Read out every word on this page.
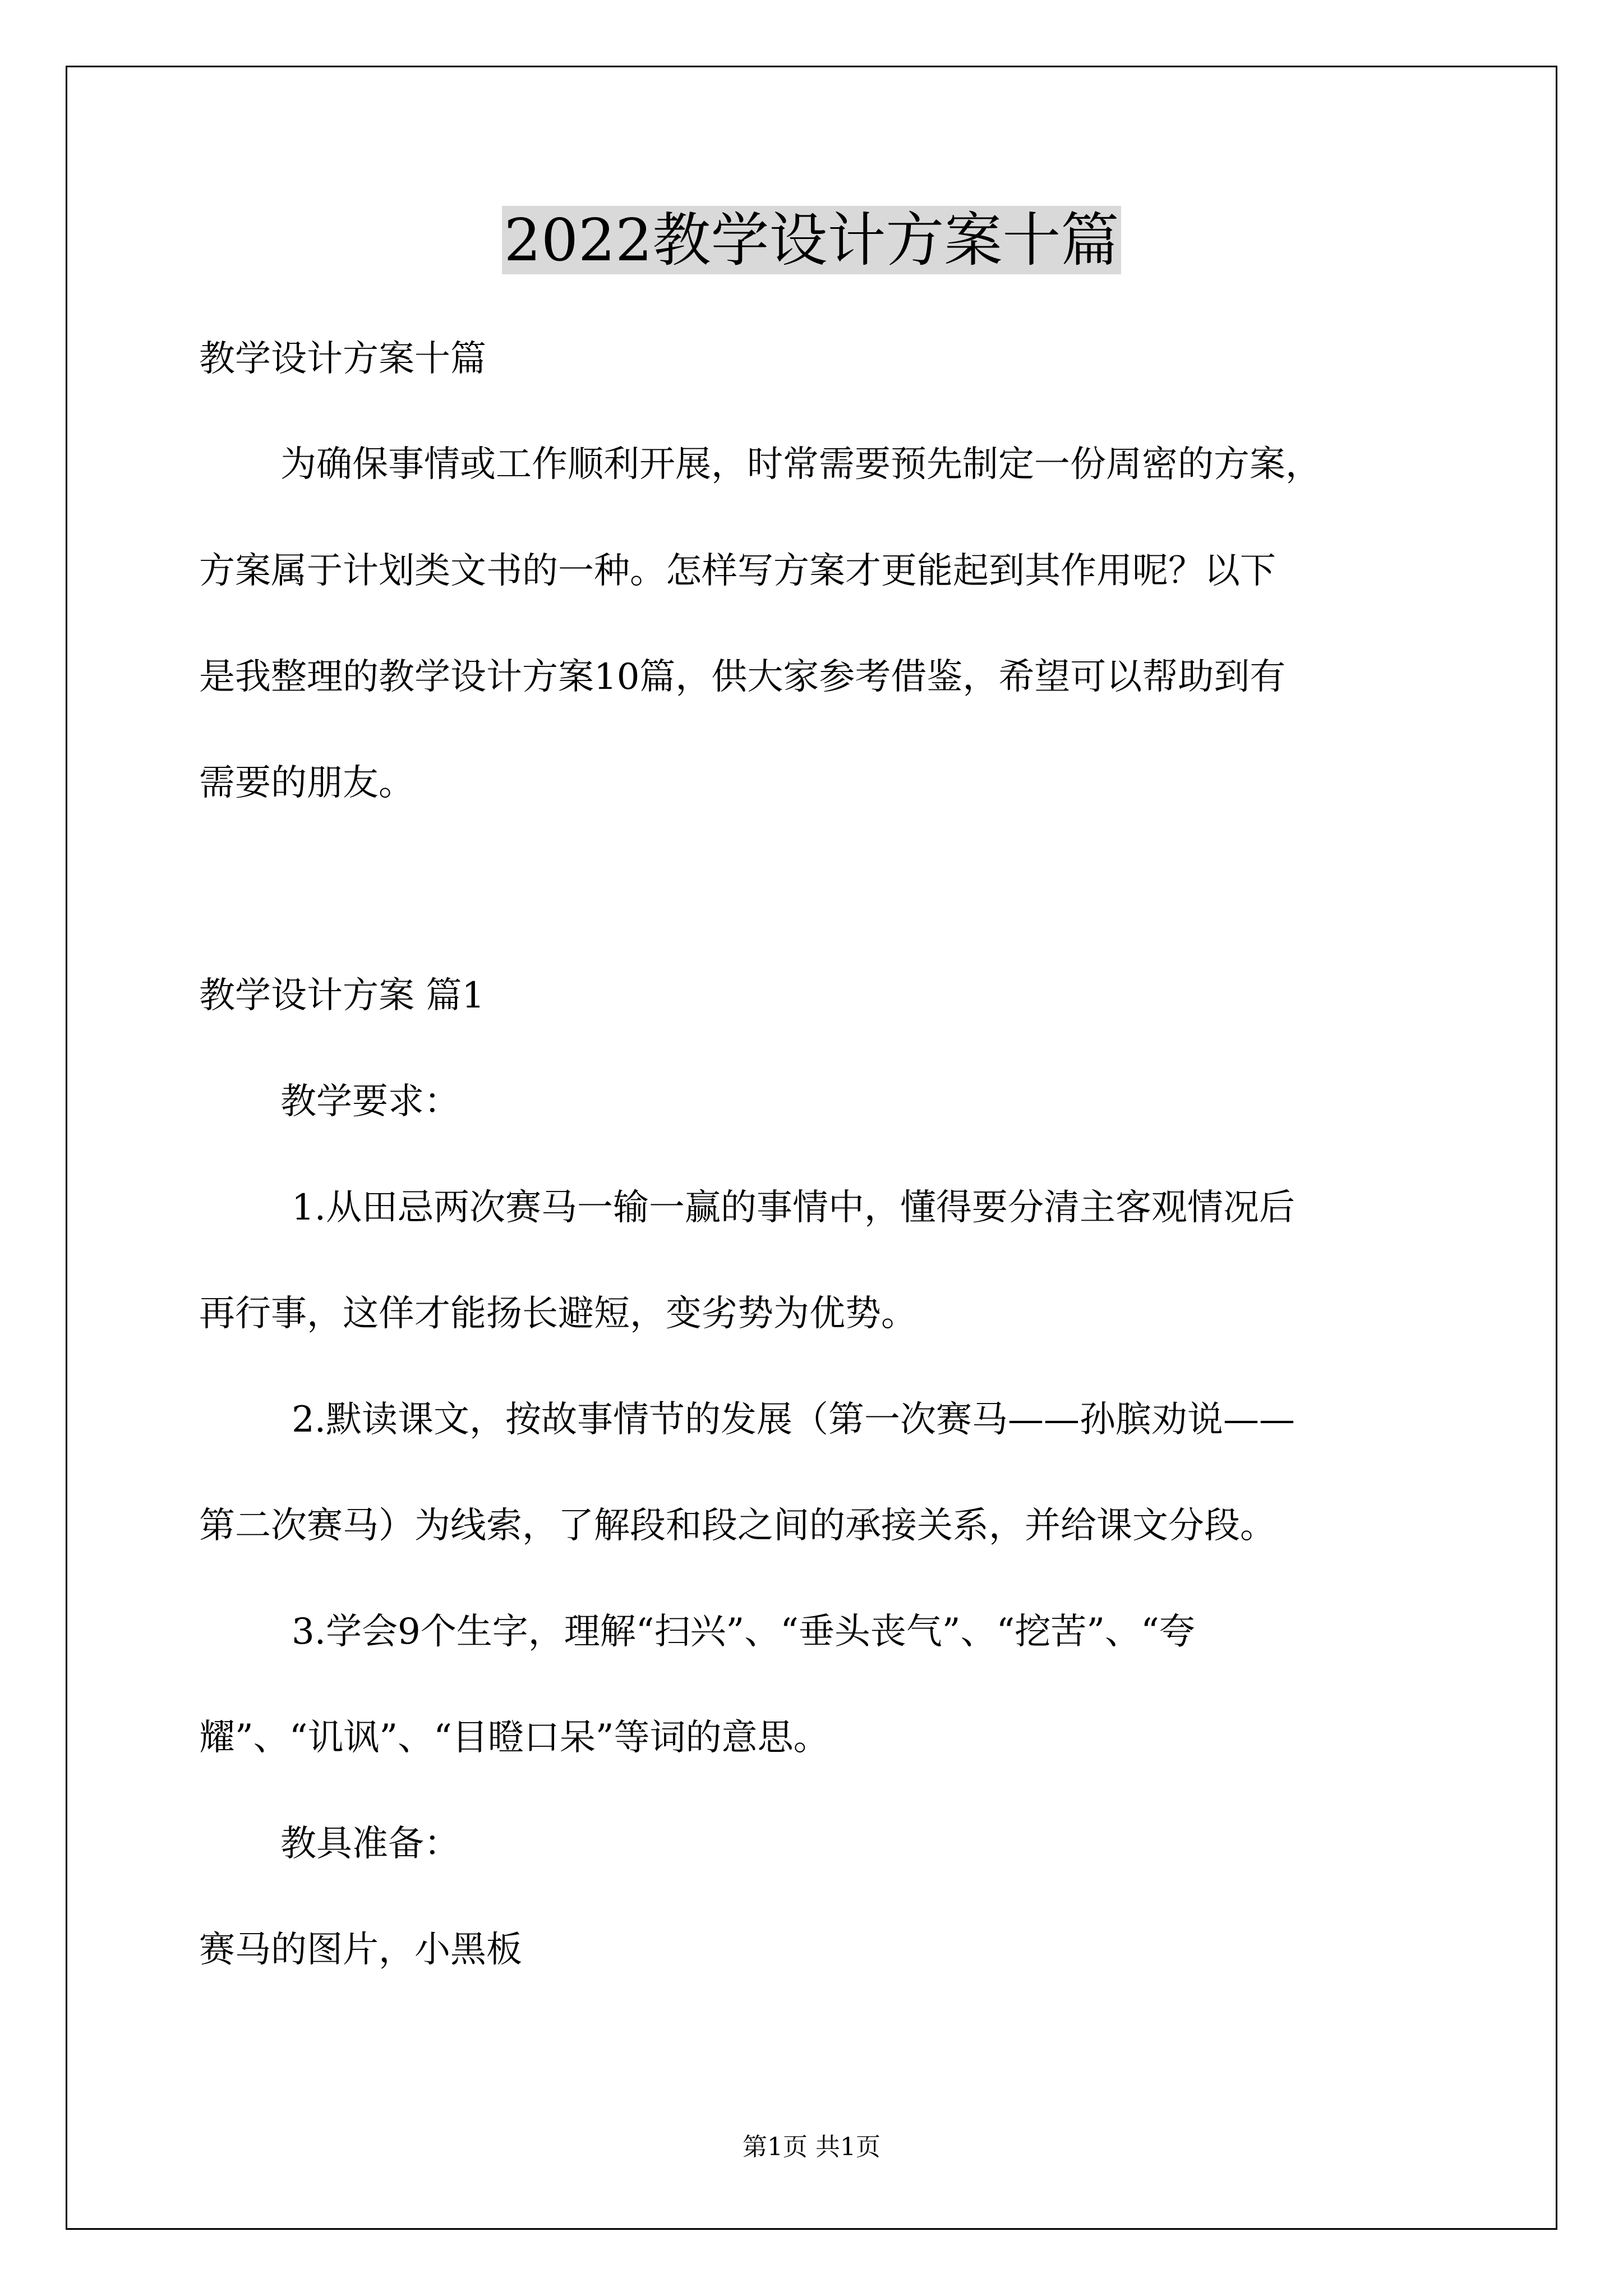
2022教学设计方案十篇
教学设计方案十篇
为确保事情或工作顺利开展，时常需要预先制定一份周密的方案，
方案属于计划类文书的一种。怎样写方案才更能起到其作用呢？以下
是我整理的教学设计方案10篇，供大家参考借鉴，希望可以帮助到有
需要的朋友。
教学设计方案 篇1
教学要求：
1.从田忌两次赛马一输一赢的事情中，懂得要分清主客观情况后
再行事，这佯才能扬长避短，变劣势为优势。
2.默读课文，按故事情节的发展（第一次赛马——孙膑劝说——
第二次赛马）为线索，了解段和段之间的承接关系，并给课文分段。
3.学会9个生字，理解“扫兴”、“垂头丧气”、“挖苦”、“夸
耀”、“讥讽”、“目瞪口呆”等词的意思。
教具准备：
赛马的图片，小黑板
第1页 共1页
